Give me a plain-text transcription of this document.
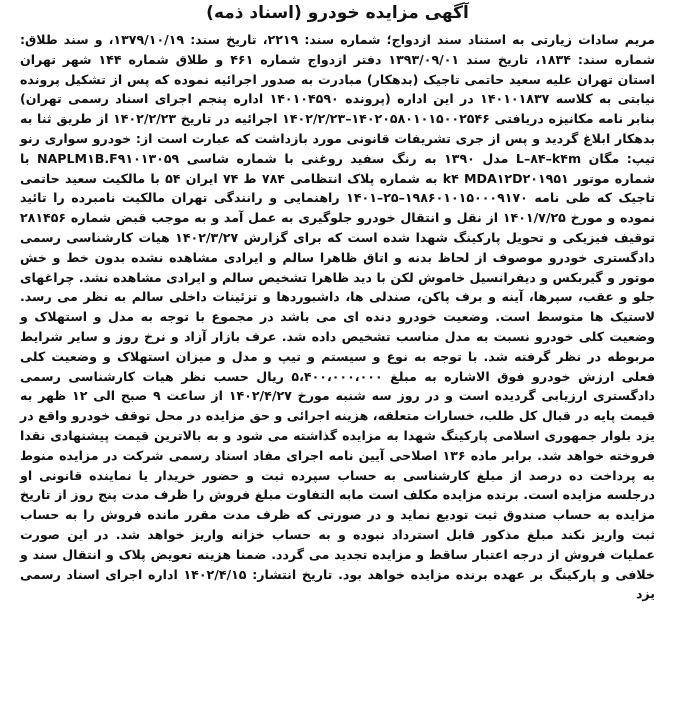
آگهی مزایده خودرو (اسناد ذمه)

مریم سادات زیارتی به استناد سند ازدواج؛ شماره سند: ۲۲۱۹، تاریخ سند: ۱۳۷۹/۱۰/۱۹، و سند طلاق: شماره سند: ۱۸۳۴، تاریخ سند ۱۳۹۳/۰۹/۰۱ دفتر ازدواج شماره ۴۶۱ و طلاق شماره ۱۴۴ شهر تهران استان تهران علیه سعید حاتمی تاجیک (بدهکار) مبادرت به صدور اجرائیه نموده که پس از تشکیل پرونده نیابتی به کلاسه ۱۴۰۱۰۱۸۳۷ در این اداره (پرونده ۱۴۰۱۰۴۵۹۰ اداره پنجم اجرای اسناد رسمی تهران) بنابر نامه مکانیزه دریافتی ۱۴۰۲۰۵۸۰۱۰۱۵۰۰۲۵۴۶–۱۴۰۲/۲/۲۳ اجرائیه در تاریخ ۱۴۰۲/۲/۲۳ از طریق ثنا به بدهکار ابلاغ گردید و پس از جری تشریفات قانونی مورد بازداشت که عبارت است از: خودرو سواری رنو تیپ: مگان L–۸۴–k۴m مدل ۱۳۹۰ به رنگ سفید روغنی با شماره شاسی NAPLM۱B.F۹۱۰۱۳۰۵۹ با شماره موتور k۴ MDA۱۲D۲۰۱۹۵۱ به شماره پلاک انتظامی ۷۸۴ ط ۷۴ ایران ۵۴ با مالکیت سعید حاتمی تاجیک که طی نامه ۱۹۸۶۰۱۰۱۵۰۰۰۹۱۷۰–۲۵–۱۴۰۱ راهنمایی و رانندگی تهران مالکیت نامبرده را تائید نموده و مورخ ۱۴۰۱/۷/۲۵ از نقل و انتقال خودرو جلوگیری به عمل آمد و به موجب قبض شماره ۲۸۱۴۵۶ توقیف فیزیکی و تحویل پارکینگ شهدا شده است که برای گزارش ۱۴۰۲/۳/۲۷ هیات کارشناسی رسمی دادگستری خودرو موصوف از لحاظ بدنه و اتاق ظاهرا سالم و ایرادی مشاهده نشده بدون خط و خش موتور و گیربکس و دیفرانسیل خاموش لکن با دید ظاهرا تشخیص سالم و ایرادی مشاهده نشد. چراغهای جلو و عقب، سپرها، آینه و برف پاکن، صندلی ها، داشبوردها و تزئینات داخلی سالم به نظر می رسد. لاستیک ها متوسط است. وضعیت خودرو دنده ای می باشد در مجموع با توجه به مدل و استهلاک و وضعیت کلی خودرو نسبت به مدل مناسب تشخیص داده شد. عرف بازار آزاد و نرخ روز و سایر شرایط مربوطه در نظر گرفته شد. با توجه به نوع و سیستم و تیپ و مدل و میزان استهلاک و وضعیت کلی فعلی ارزش خودرو فوق الاشاره به مبلغ ۵،۴۰۰،۰۰۰،۰۰۰ ریال حسب نظر هیات کارشناسی رسمی دادگستری ارزیابی گردیده است و در روز سه شنبه مورخ ۱۴۰۲/۴/۲۷ از ساعت ۹ صبح الی ۱۲ ظهر به قیمت پایه در قبال کل طلب، خسارات متعلقه، هزینه اجرائی و حق مزایده در محل توقف خودرو واقع در یزد بلوار جمهوری اسلامی پارکینگ شهدا به مزایده گذاشته می شود و به بالاترین قیمت پیشنهادی نقدا فروخته خواهد شد. برابر ماده ۱۳۶ اصلاحی آیین نامه اجرای مفاد اسناد رسمی شرکت در مزایده منوط به پرداخت ده درصد از مبلغ کارشناسی به حساب سپرده ثبت و حضور خریدار یا نماینده قانونی او درجلسه مزایده است. برنده مزایده مکلف است مابه التفاوت مبلغ فروش را ظرف مدت پنج روز از تاریخ مزایده به حساب صندوق ثبت تودیع نماید و در صورتی که ظرف مدت مقرر مانده فروش را به حساب ثبت واریز نکند مبلغ مذکور قابل استرداد نبوده و به حساب خزانه واریز خواهد شد. در این صورت عملیات فروش از درجه اعتبار ساقط و مزایده تجدید می گردد. ضمنا هزینه تعویض پلاک و انتقال سند و خلافی و پارکینگ بر عهده برنده مزایده خواهد بود. تاریخ انتشار: ۱۴۰۲/۴/۱۵ اداره اجرای اسناد رسمی یزد
